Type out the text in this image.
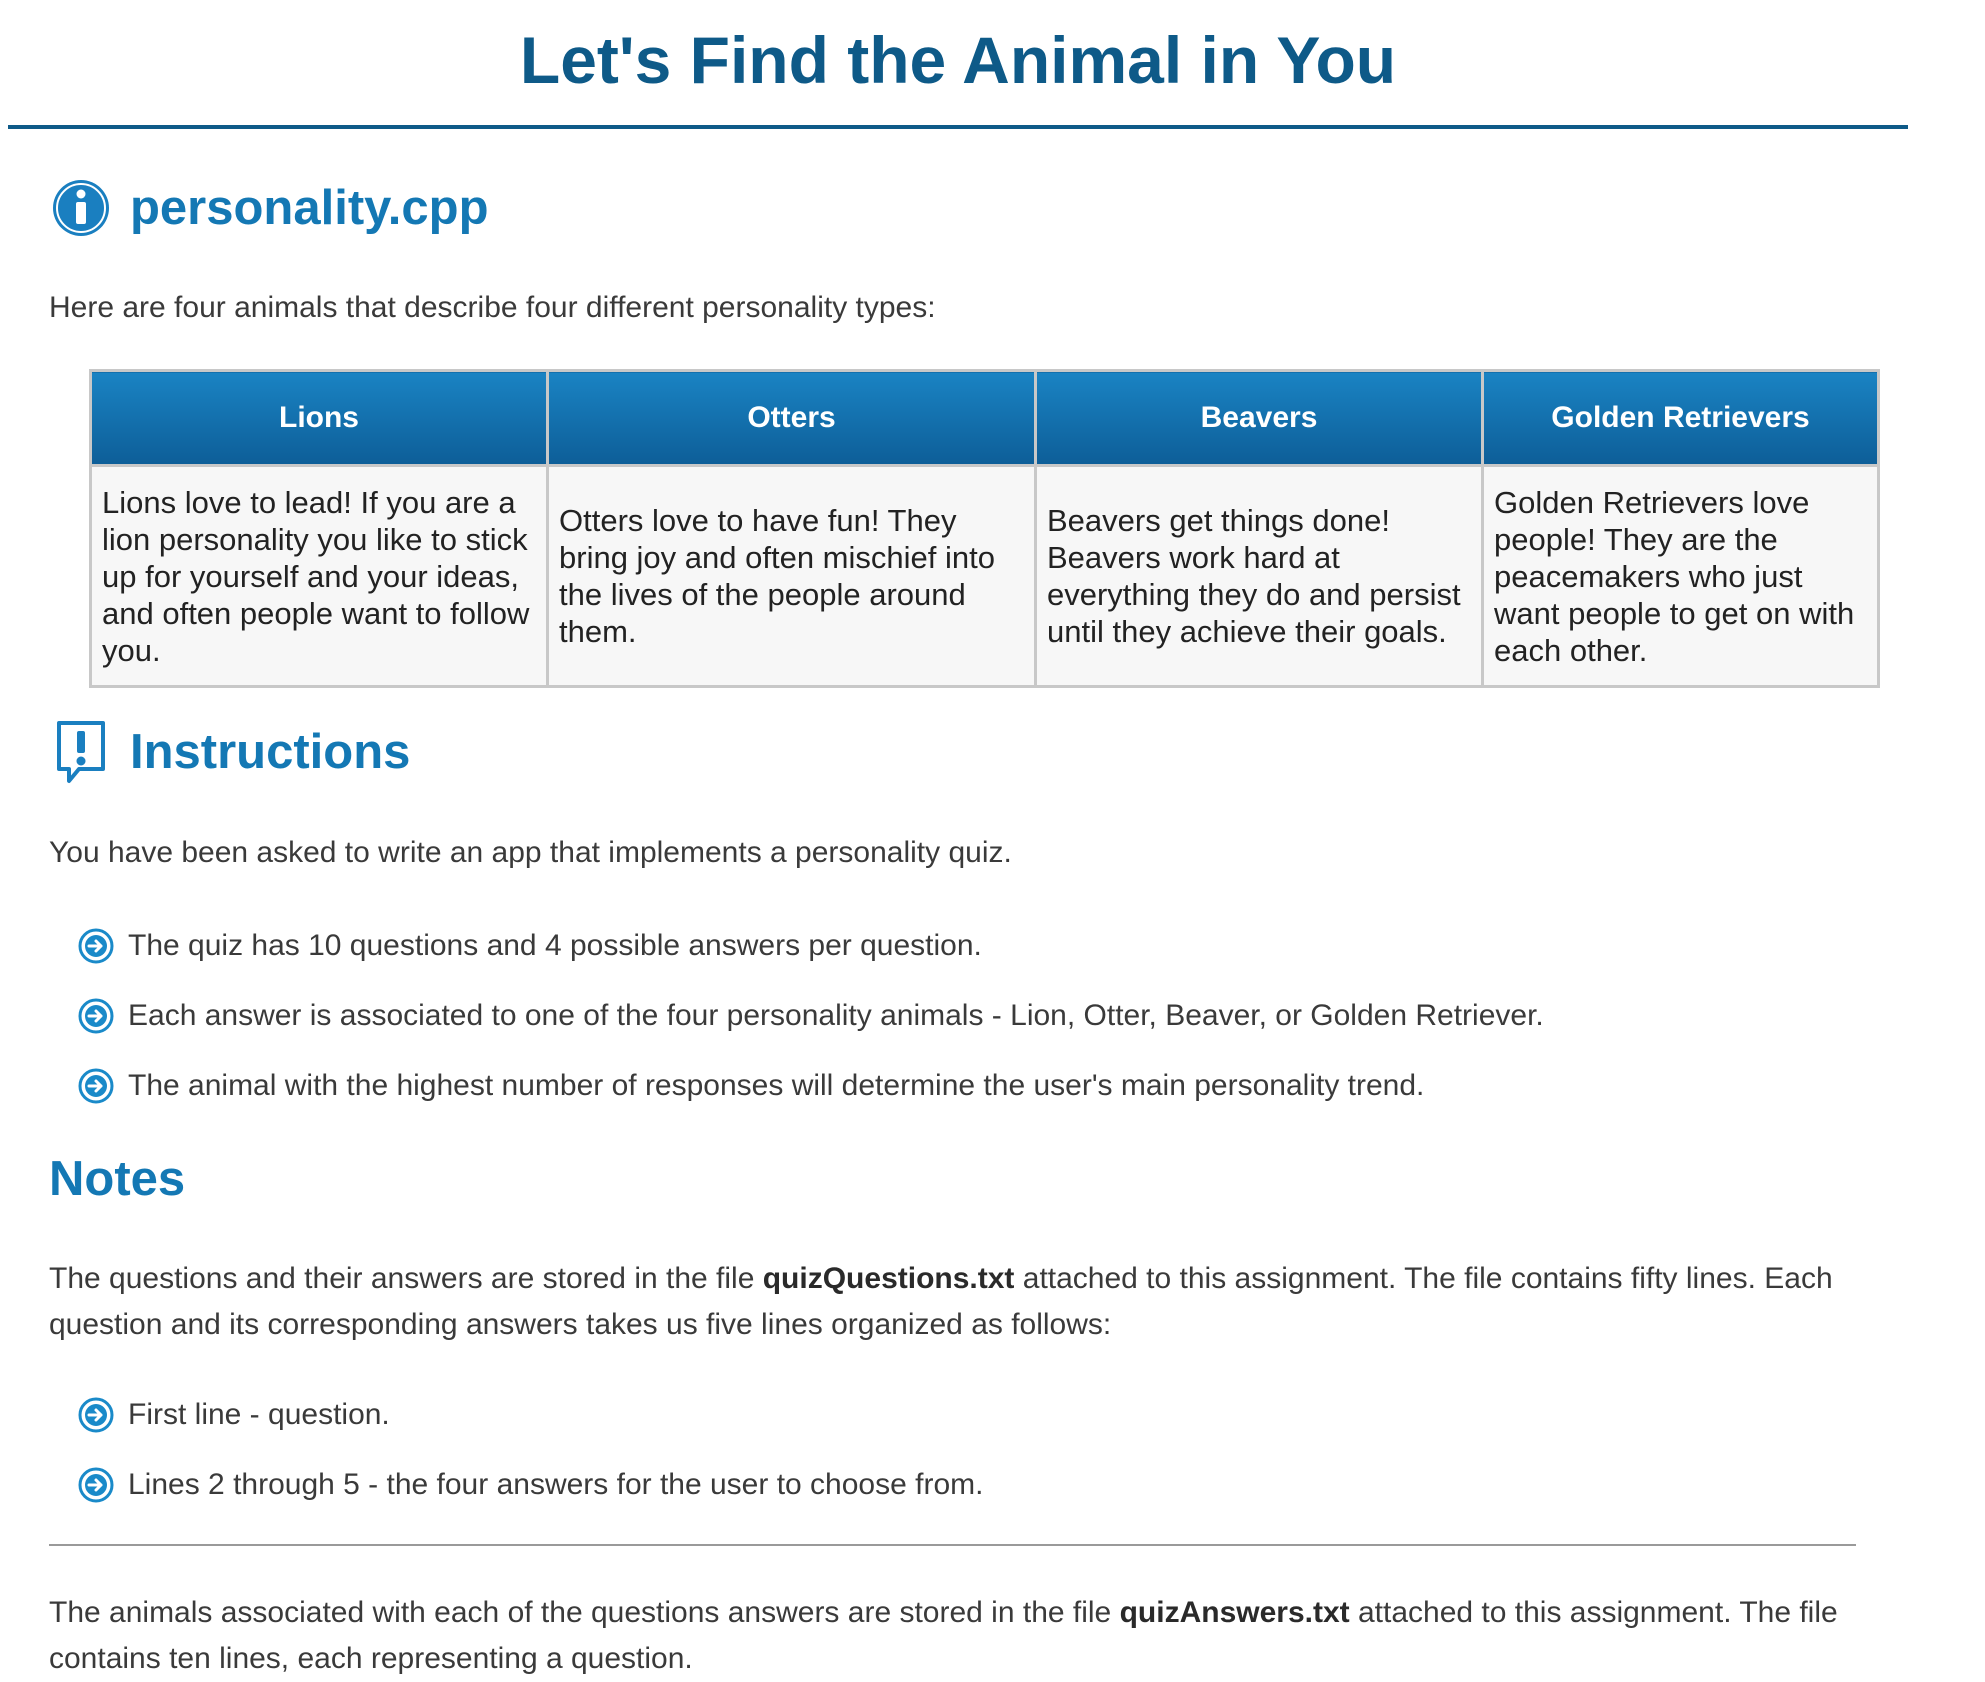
Let's Find the Animal in You
personality.cpp

Here are four animals that describe four different personality types:

Lions	Otters	Beavers	Golden Retrievers
Lions love to lead! If you are a lion personality you like to stick up for yourself and your ideas, and often people want to follow you.	Otters love to have fun! They bring joy and often mischief into the lives of the people around them.	Beavers get things done! Beavers work hard at everything they do and persist until they achieve their goals.	Golden Retrievers love people! They are the peacemakers who just want people to get on with each other.
Instructions

You have been asked to write an app that implements a personality quiz.

The quiz has 10 questions and 4 possible answers per question.
Each answer is associated to one of the four personality animals - Lion, Otter, Beaver, or Golden Retriever.
The animal with the highest number of responses will determine the user's main personality trend.
Notes

The questions and their answers are stored in the file quizQuestions.txt attached to this assignment. The file contains fifty lines. Each question and its corresponding answers takes us five lines organized as follows:

First line - question.
Lines 2 through 5 - the four answers for the user to choose from.

The animals associated with each of the questions answers are stored in the file quizAnswers.txt attached to this assignment. The file contains ten lines, each representing a question.
